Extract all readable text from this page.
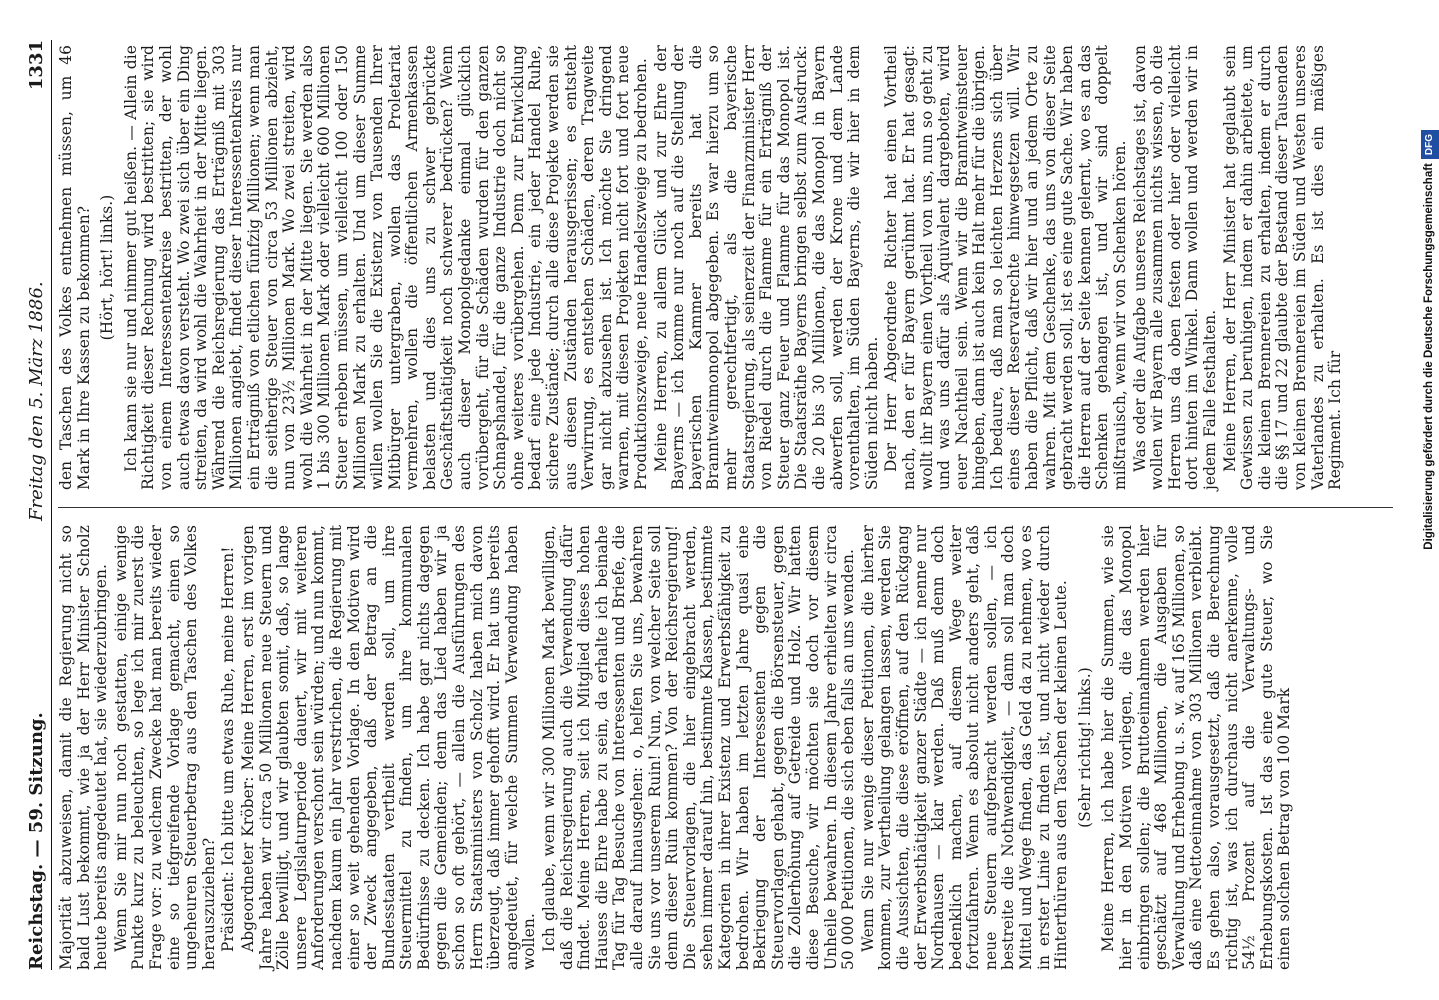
Reichstag. — 59. Sitzung.
Freitag den 5. März 1886.
1331

Majorität abzuweisen, damit die Regierung nicht so bald Lust bekommt, wie ja der Herr Minister Scholz heute bereits angedeutet hat, sie wiederzubringen. Wenn Sie mir nun noch gestatten, einige wenige Punkte kurz zu beleuchten, so lege ich mir zuerst die Frage vor: zu welchem Zwecke hat man bereits wieder eine so tiefgreifende Vorlage gemacht, einen so ungeheuren Steuerbetrag aus den Taschen des Volkes herauszuziehen? Präsident: Ich bitte um etwas Ruhe, meine Herren! Abgeordneter Kröber: Meine Herren, erst im vorigen Jahre haben wir circa 50 Millionen neue Steuern und Zölle bewilligt, und wir glaubten somit, daß, so lange unsere Legislaturperiode dauert, wir mit weiteren Anforderungen verschont sein würden; und nun kommt, nachdem kaum ein Jahr verstrichen, die Regierung mit einer so weit gehenden Vorlage. In den Motiven wird der Zweck angegeben, daß der Betrag an die Bundesstaaten vertheilt werden soll, um ihre Steuermittel zu finden, um ihre kommunalen Bedürfnisse zu decken. Ich habe gar nichts dagegen gegen die Gemeinden; denn das Lied haben wir ja schon so oft gehört, — allein die Ausführungen des Herrn Staatsministers von Scholz haben mich davon überzeugt, daß immer gehofft wird. Er hat uns bereits angedeutet, für welche Summen Verwendung haben wollen. Ich glaube, wenn wir 300 Millionen Mark bewilligen, daß die Reichsregierung auch die Verwendung dafür findet. Meine Herren, seit ich Mitglied dieses hohen Hauses die Ehre habe zu sein, da erhalte ich beinahe Tag für Tag Besuche von Interessenten und Briefe, die alle darauf hinausgehen: o, helfen Sie uns, bewahren Sie uns vor unserem Ruin! Nun, von welcher Seite soll denn dieser Ruin kommen? Von der Reichsregierung! Die Steuervorlagen, die hier eingebracht werden, sehen immer darauf hin, bestimmte Klassen, bestimmte Kategorien in ihrer Existenz und Erwerbsfähigkeit zu bedrohen. Wir haben im letzten Jahre quasi eine Bekriegung der Interessenten gegen die Steuervorlagen gehabt, gegen die Börsensteuer, gegen die Zollerhöhung auf Getreide und Holz. Wir hatten diese Besuche, wir möchten sie doch vor diesem Unheile bewahren. In diesem Jahre erhielten wir circa 50 000 Petitionen, die sich eben falls an uns wenden. Wenn Sie nur wenige dieser Petitionen, die hierher kommen, zur Vertheilung gelangen lassen, werden Sie die Aussichten, die diese eröffnen, auf den Rückgang der Erwerbsthätigkeit ganzer Städte — ich nenne nur Nordhausen — klar werden. Daß muß denn doch bedenklich machen, auf diesem Wege weiter fortzufahren. Wenn es absolut nicht anders geht, daß neue Steuern aufgebracht werden sollen, — ich bestreite die Nothwendigkeit, — dann soll man doch Mittel und Wege finden, das Geld da zu nehmen, wo es in erster Linie zu finden ist, und nicht wieder durch Hinterthüren aus den Taschen der kleinen Leute. (Sehr richtig! links.) Meine Herren, ich habe hier die Summen, wie sie hier in den Motiven vorliegen, die das Monopol einbringen sollen; die Bruttoeinnahmen werden hier geschätzt auf 468 Millionen, die Ausgaben für Verwaltung und Erhebung u. s. w. auf 165 Millionen, so daß eine Nettoeinnahme von 303 Millionen verbleibt. Es gehen also, vorausgesetzt, daß die Berechnung richtig ist, was ich durchaus nicht anerkenne, volle 54½ Prozent auf die Verwaltungs- und Erhebungskosten. Ist das eine gute Steuer, wo Sie einen solchen Betrag von 100 Mark

den Taschen des Volkes entnehmen müssen, um 46 Mark in Ihre Kassen zu bekommen? (Hört, hört! links.) Ich kann sie nur und nimmer gut heißen. — Allein die Richtigkeit dieser Rechnung wird bestritten; sie wird von einem Interessentenkreise bestritten, der wohl auch etwas davon versteht. Wo zwei sich über ein Ding streiten, da wird wohl die Wahrheit in der Mitte liegen. Während die Reichsregierung das Erträgniß mit 303 Millionen angiebt, findet dieser Interessentenkreis nur ein Erträgniß von etlichen fünfzig Millionen; wenn man die seitherige Steuer von circa 53 Millionen abzieht, nun von 23½ Millionen Mark. Wo zwei streiten, wird wohl die Wahrheit in der Mitte liegen. Sie werden also 1 bis 300 Millionen Mark oder vielleicht 600 Millionen Steuer erheben müssen, um vielleicht 100 oder 150 Millionen Mark zu erhalten. Und um dieser Summe willen wollen Sie die Existenz von Tausenden Ihrer Mitbürger untergraben, wollen das Proletariat vermehren, wollen die öffentlichen Armenkassen belasten und dies uns zu schwer gebrückte Geschäftsthätigkeit noch schwerer bedrücken? Wenn auch dieser Monopolgedanke einmal glücklich vorübergeht, für die Schäden wurden für den ganzen Schnapshandel, für die ganze Industrie doch nicht so ohne weiteres vorübergehen. Denn zur Entwicklung bedarf eine jede Industrie, ein jeder Handel Ruhe, sichere Zustände; durch alle diese Projekte werden sie aus diesen Zuständen herausgerissen; es entsteht Verwirrung, es entstehen Schäden, deren Tragweite gar nicht abzusehen ist. Ich möchte Sie dringend warnen, mit diesen Projekten nicht fort und fort neue Produktionszweige, neue Handelszweige zu bedrohen. Meine Herren, zu allem Glück und zur Ehre der Bayerns — ich komme nur noch auf die Stellung der bayerischen Kammer bereits hat die Branntweinmonopol abgegeben. Es war hierzu um so mehr gerechtfertigt, als die bayerische Staatsregierung, als seinerzeit der Finanzminister Herr von Riedel durch die Flamme für ein Erträgniß der Steuer ganz Feuer und Flamme für das Monopol ist. Die Staatsräthe Bayerns bringen selbst zum Ausdruck: die 20 bis 30 Millionen, die das Monopol in Bayern abwerfen soll, werden der Krone und dem Lande vorenthalten, im Süden Bayerns, die wir hier in dem Süden nicht haben. Der Herr Abgeordnete Richter hat einen Vortheil nach, den er für Bayern gerühmt hat. Er hat gesagt: wollt ihr Bayern einen Vortheil von uns, nun so geht zu und was uns dafür als Äquivalent dargeboten, wird euer Nachtheil sein. Wenn wir die Branntweinsteuer hingeben, dann ist auch kein Halt mehr für die übrigen. Ich bedaure, daß man so leichten Herzens sich über eines dieser Reservatrechte hinwegsetzen will. Wir haben die Pflicht, daß wir hier und an jedem Orte zu wahren. Mit dem Geschenke, das uns von dieser Seite gebracht werden soll, ist es eine gute Sache. Wir haben die Herren auf der Seite kennen gelernt, wo es an das Schenken gehangen ist, und wir sind doppelt mißtrauisch, wenn wir von Schenken hören. Was oder die Aufgabe unseres Reichstages ist, davon wollen wir Bayern alle zusammen nichts wissen, ob die Herren uns da oben festen oder hier oder vielleicht dort hinten im Winkel. Dann wollen und werden wir in jedem Falle festhalten. Meine Herren, der Herr Minister hat geglaubt sein Gewissen zu beruhigen, indem er dahin arbeitete, um die kleinen Brennereien zu erhalten, indem er durch die §§ 17 und 22 glaubte der Bestand dieser Tausenden von kleinen Brennereien im Süden und Westen unseres Vaterlandes zu erhalten. Es ist dies ein mäßiges Regiment. Ich für	Digitalisierung gefördert durch die Deutsche ForschungsgemeinschaftDFG
